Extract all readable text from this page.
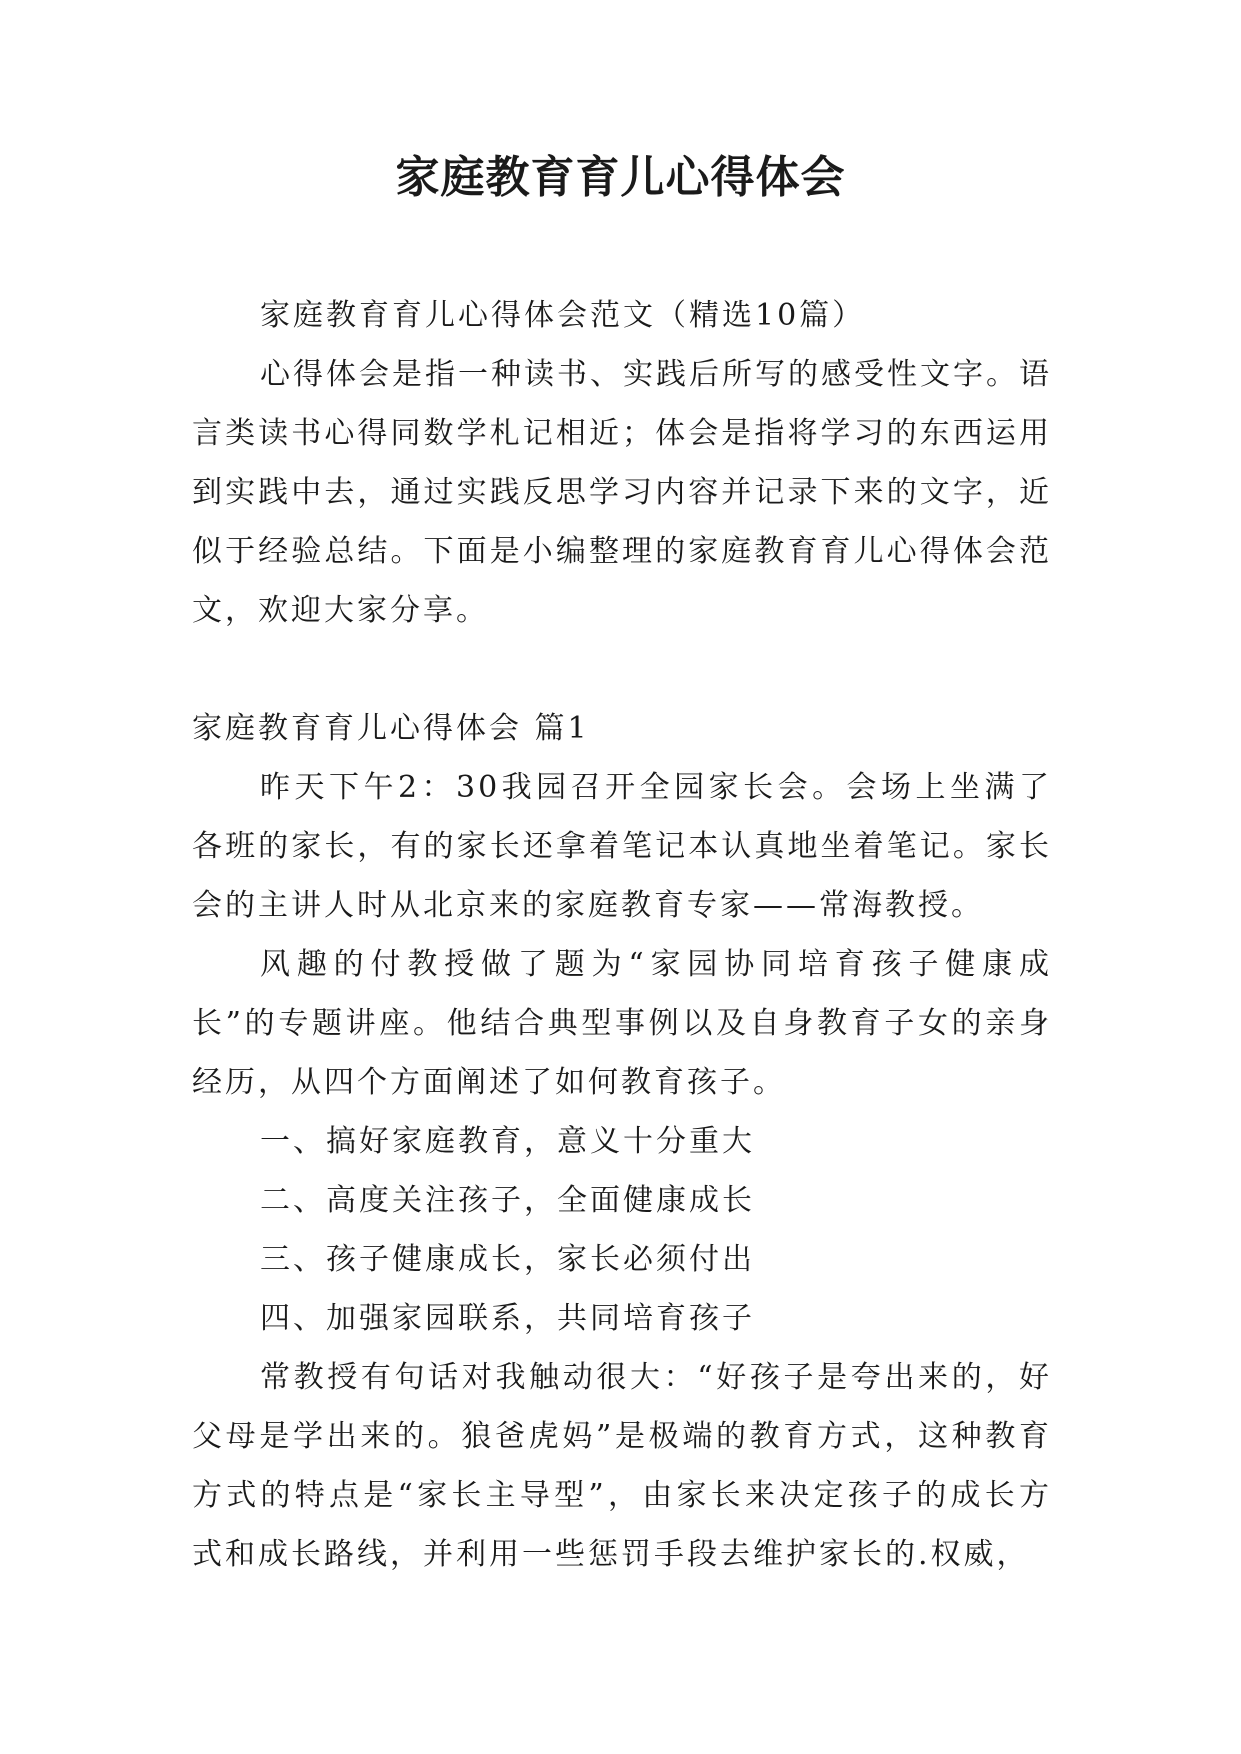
家庭教育育儿心得体会

家庭教育育儿心得体会范文（精选10篇）

心得体会是指一种读书、实践后所写的感受性文字。语言类读书心得同数学札记相近；体会是指将学习的东西运用到实践中去，通过实践反思学习内容并记录下来的文字，近似于经验总结。下面是小编整理的家庭教育育儿心得体会范文，欢迎大家分享。

家庭教育育儿心得体会 篇1

昨天下午2：30我园召开全园家长会。会场上坐满了各班的家长，有的家长还拿着笔记本认真地坐着笔记。家长会的主讲人时从北京来的家庭教育专家——常海教授。

风趣的付教授做了题为“家园协同培育孩子健康成长”的专题讲座。他结合典型事例以及自身教育子女的亲身经历，从四个方面阐述了如何教育孩子。

一、搞好家庭教育，意义十分重大

二、高度关注孩子，全面健康成长

三、孩子健康成长，家长必须付出

四、加强家园联系，共同培育孩子

常教授有句话对我触动很大：“好孩子是夸出来的，好父母是学出来的。狼爸虎妈”是极端的教育方式，这种教育方式的特点是“家长主导型”，由家长来决定孩子的成长方式和成长路线，并利用一些惩罚手段去维护家长的.权威，
